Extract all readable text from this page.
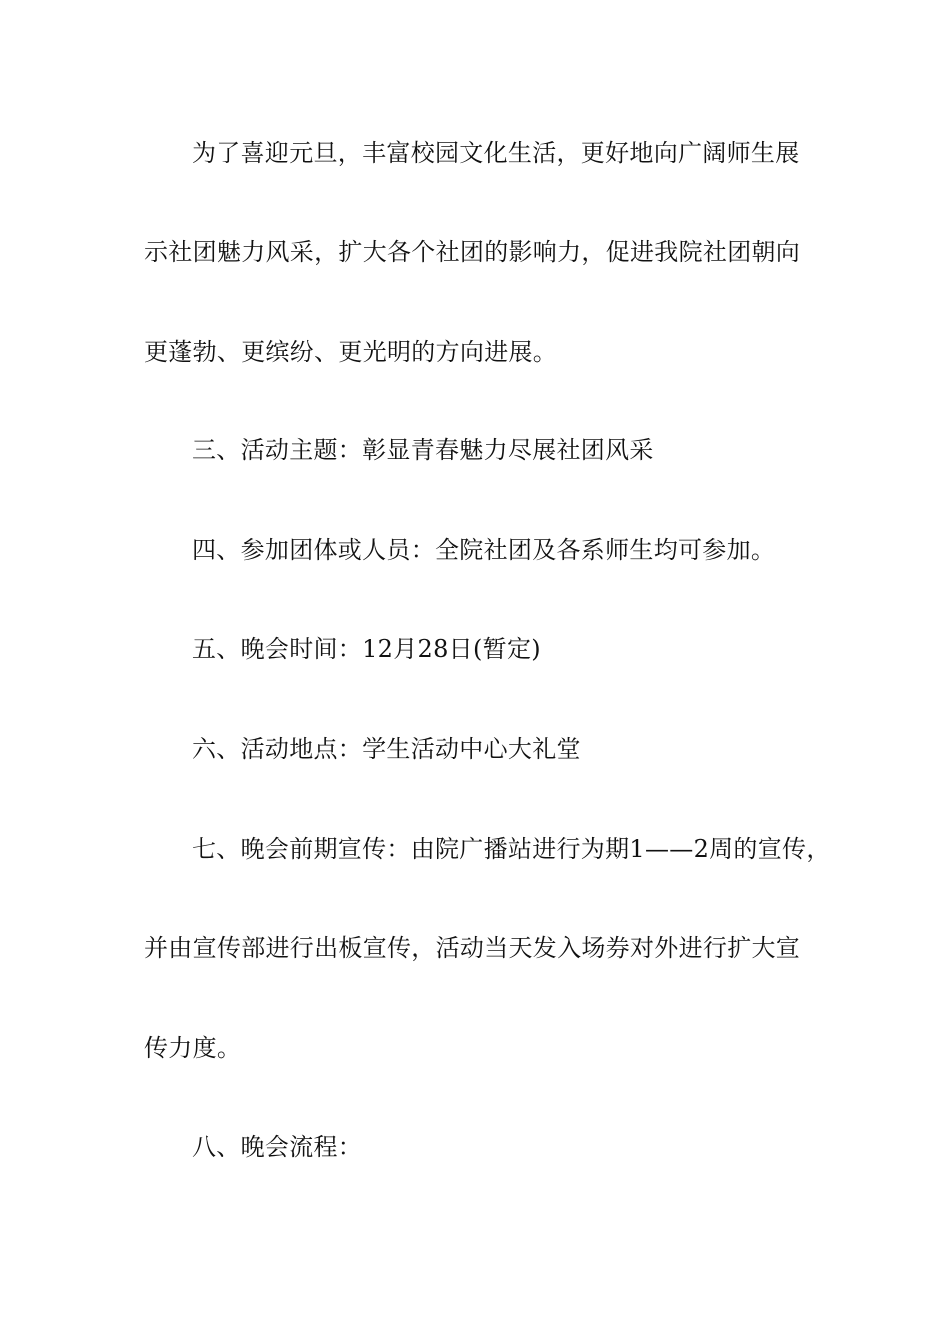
为了喜迎元旦，丰富校园文化生活，更好地向广阔师生展
示社团魅力风采，扩大各个社团的影响力，促进我院社团朝向
更蓬勃、更缤纷、更光明的方向进展。
三、活动主题：彰显青春魅力尽展社团风采
四、参加团体或人员：全院社团及各系师生均可参加。
五、晚会时间：12月28日(暂定)
六、活动地点：学生活动中心大礼堂
七、晚会前期宣传：由院广播站进行为期1——2周的宣传，
并由宣传部进行出板宣传，活动当天发入场券对外进行扩大宣
传力度。
八、晚会流程：
